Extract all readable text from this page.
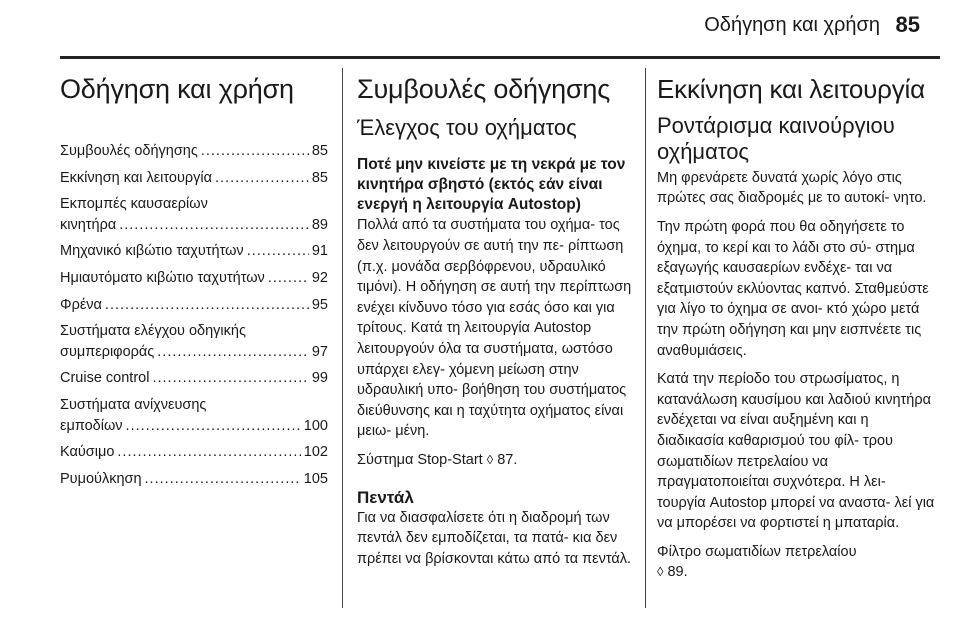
Οδήγηση και χρήση 85
Οδήγηση και χρήση
Συμβουλές οδήγησης .....	85
Εκκίνηση και λειτουργία .....	85
Εκπομπές καυσαερίων
κινητήρα .....	89
Μηχανικό κιβώτιο ταχυτήτων .....	91
Ημιαυτόματο κιβώτιο ταχυτήτων .....	92
Φρένα .....	95
Συστήματα ελέγχου οδηγικής
συμπεριφοράς .....	97
Cruise control .....	99
Συστήματα ανίχνευσης
εμποδίων .....	100
Καύσιμο .....	102
Ρυμούλκηση .....	105
Συμβουλές οδήγησης
Έλεγχος του οχήματος

Ποτέ μην κινείστε με τη νεκρά με τον κινητήρα σβηστό (εκτός εάν είναι ενεργή η λειτουργία Autostop)

Πολλά από τα συστήματα του οχήμα- τος δεν λειτουργούν σε αυτή την πε- ρίπτωση (π.χ. μονάδα σερβόφρενου, υδραυλικό τιμόνι). Η οδήγηση σε αυτή την περίπτωση ενέχει κίνδυνο τόσο για εσάς όσο και για τρίτους. Κατά τη λειτουργία Autostop λειτουργούν όλα τα συστήματα, ωστόσο υπάρχει ελεγ- χόμενη μείωση στην υδραυλική υπο- βοήθηση του συστήματος διεύθυνσης και η ταχύτητα οχήματος είναι μειω- μένη.

Σύστημα Stop-Start ◊ 87.

Πεντάλ

Για να διασφαλίσετε ότι η διαδρομή των πεντάλ δεν εμποδίζεται, τα πατά- κια δεν πρέπει να βρίσκονται κάτω από τα πεντάλ.

Εκκίνηση και λειτουργία
Ροντάρισμα καινούργιου οχήματος

Μη φρενάρετε δυνατά χωρίς λόγο στις πρώτες σας διαδρομές με το αυτοκί- νητο.

Την πρώτη φορά που θα οδηγήσετε το όχημα, το κερί και το λάδι στο σύ- στημα εξαγωγής καυσαερίων ενδέχε- ται να εξατμιστούν εκλύοντας καπνό. Σταθμεύστε για λίγο το όχημα σε ανοι- κτό χώρο μετά την πρώτη οδήγηση και μην εισπνέετε τις αναθυμιάσεις.

Κατά την περίοδο του στρωσίματος, η κατανάλωση καυσίμου και λαδιού κινητήρα ενδέχεται να είναι αυξημένη και η διαδικασία καθαρισμού του φίλ- τρου σωματιδίων πετρελαίου να πραγματοποιείται συχνότερα. Η λει- τουργία Autostop μπορεί να αναστα- λεί για να μπορέσει να φορτιστεί η μπαταρία.

Φίλτρο σωματιδίων πετρελαίου
◊ 89.
